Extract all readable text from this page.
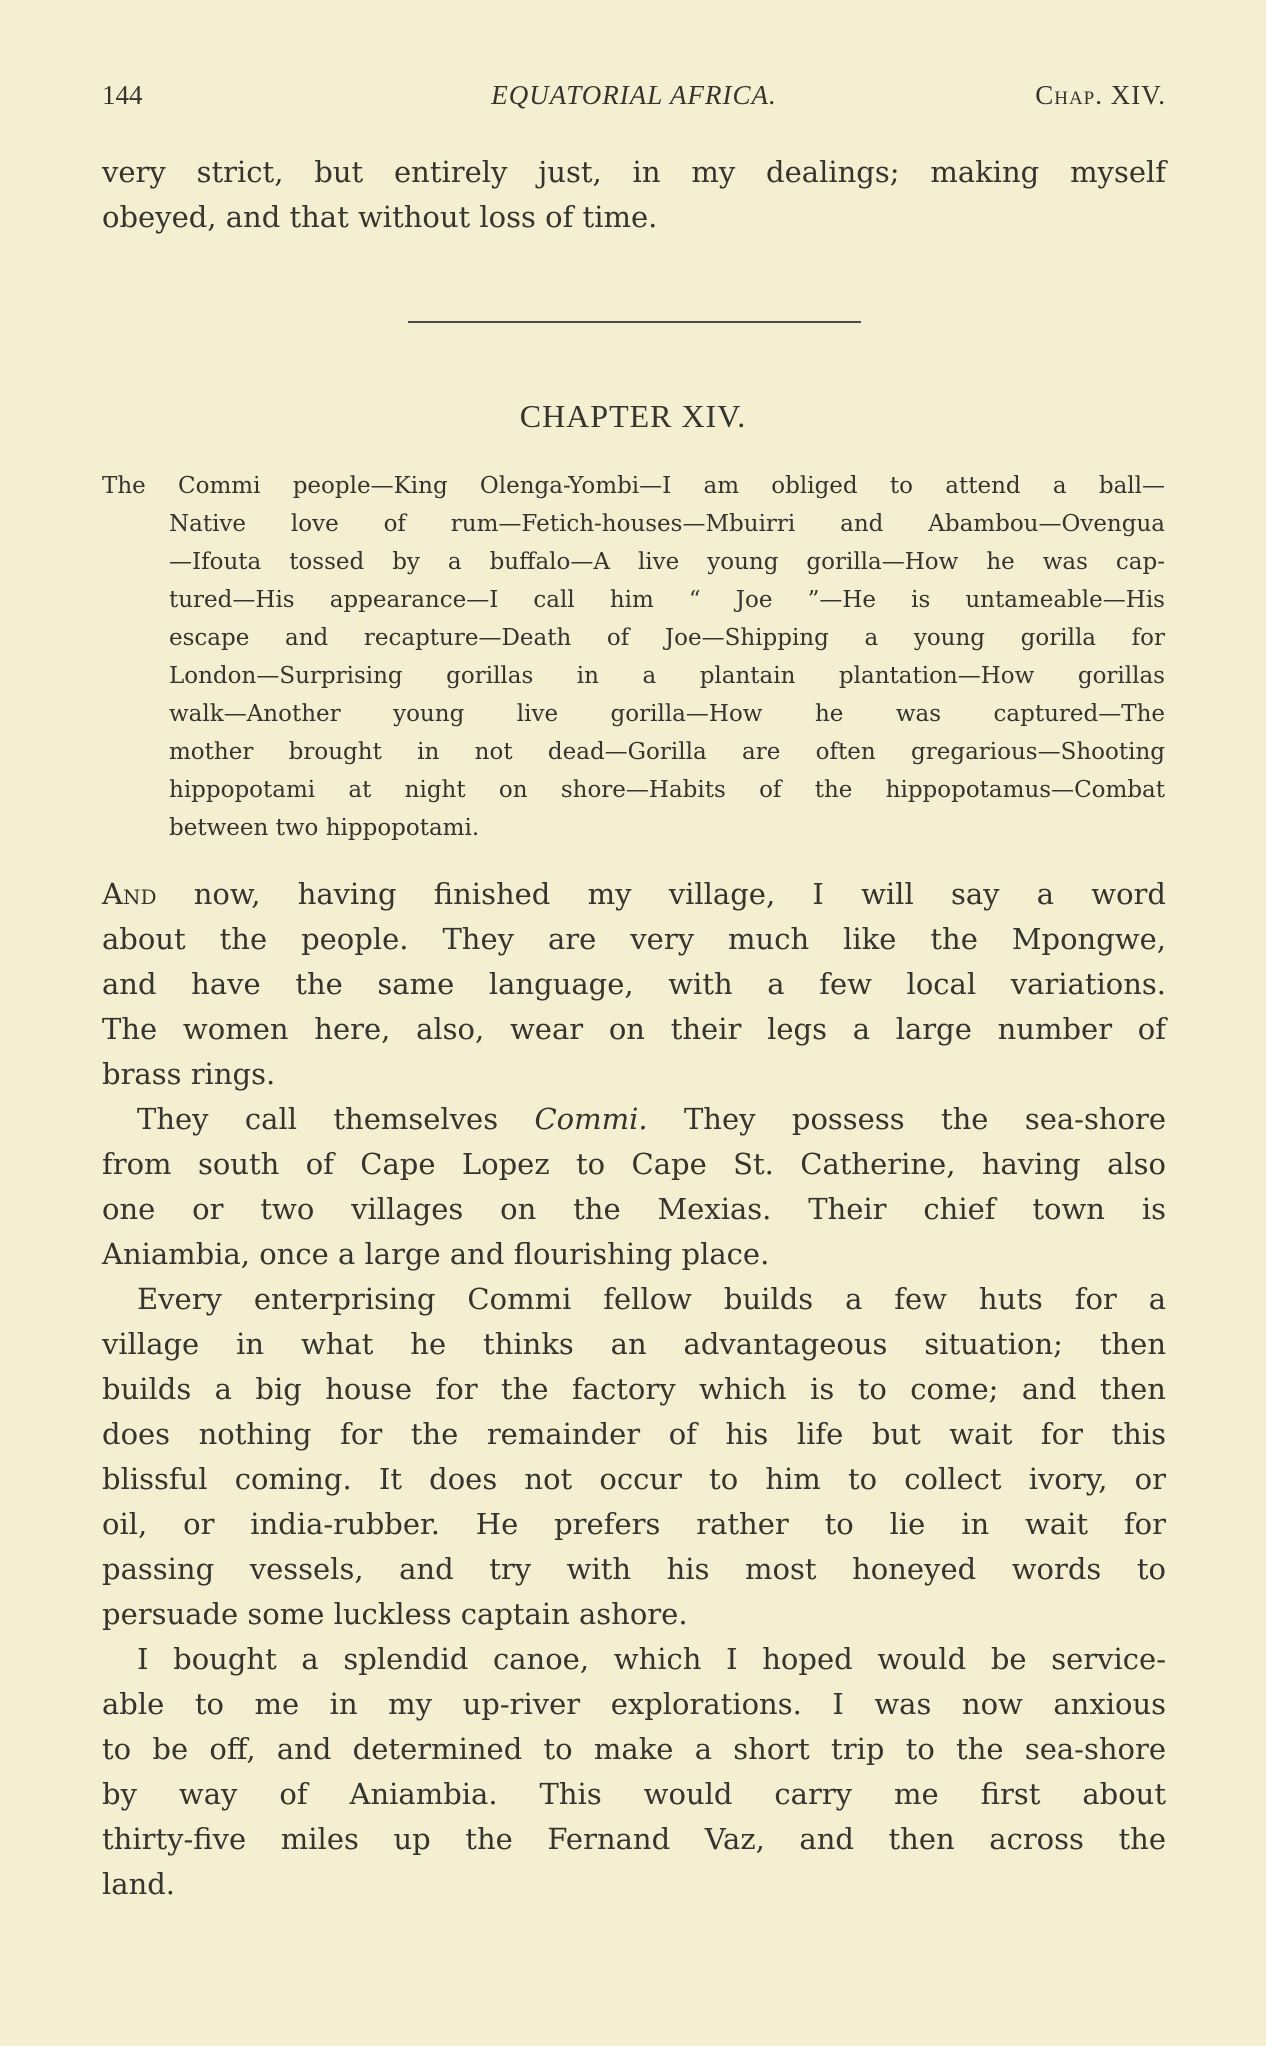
144	EQUATORIAL AFRICA.	Chap. XIV.
very strict, but entirely just, in my dealings; making myself
obeyed, and that without loss of time.
CHAPTER XIV.
The Commi people—King Olenga-Yombi—I am obliged to attend a ball—
Native love of rum—Fetich-houses—Mbuirri and Abambou—Ovengua
—Ifouta tossed by a buffalo—A live young gorilla—How he was cap-
tured—His appearance—I call him “ Joe ”—He is untameable—His
escape and recapture—Death of Joe—Shipping a young gorilla for
London—Surprising gorillas in a plantain plantation—How gorillas
walk—Another young live gorilla—How he was captured—The
mother brought in not dead—Gorilla are often gregarious—Shooting
hippopotami at night on shore—Habits of the hippopotamus—Combat
between two hippopotami.
And now, having finished my village, I will say a word
about the people. They are very much like the Mpongwe,
and have the same language, with a few local variations.
The women here, also, wear on their legs a large number of
brass rings.
They call themselves Commi. They possess the sea-shore
from south of Cape Lopez to Cape St. Catherine, having also
one or two villages on the Mexias. Their chief town is
Aniambia, once a large and flourishing place.
Every enterprising Commi fellow builds a few huts for a
village in what he thinks an advantageous situation; then
builds a big house for the factory which is to come; and then
does nothing for the remainder of his life but wait for this
blissful coming. It does not occur to him to collect ivory, or
oil, or india-rubber. He prefers rather to lie in wait for
passing vessels, and try with his most honeyed words to
persuade some luckless captain ashore.
I bought a splendid canoe, which I hoped would be service-
able to me in my up-river explorations. I was now anxious
to be off, and determined to make a short trip to the sea-shore
by way of Aniambia. This would carry me first about
thirty-five miles up the Fernand Vaz, and then across the
land.
